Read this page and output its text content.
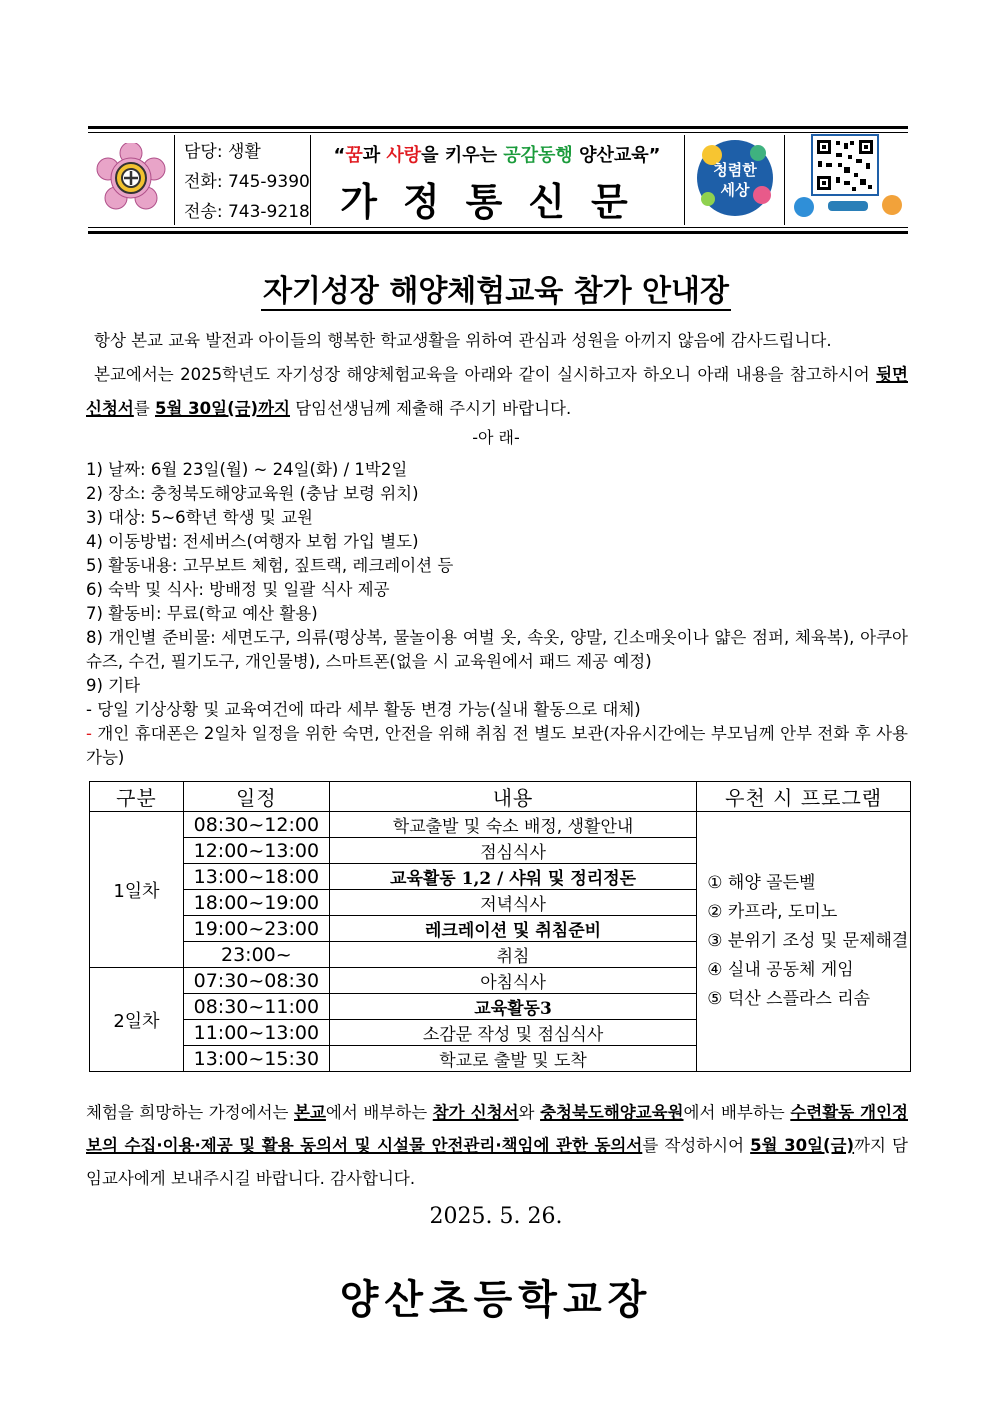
담당: 생활
전화: 745-9390
전송: 743-9218
“꿈과 사랑을 키우는 공감동행 양산교육”
가정통신문
청렴한
세상
자기성장 해양체험교육 참가 안내장
항상 본교 교육 발전과 아이들의 행복한 학교생활을 위하여 관심과 성원을 아끼지 않음에 감사드립니다.
본교에서는 2025학년도 자기성장 해양체험교육을 아래와 같이 실시하고자 하오니 아래 내용을 참고하시어 뒷면 신청서를 5월 30일(금)까지 담임선생님께 제출해 주시기 바랍니다.
-아 래-
1) 날짜: 6월 23일(월) ~ 24일(화) / 1박2일
2) 장소: 충청북도해양교육원 (충남 보령 위치)
3) 대상: 5~6학년 학생 및 교원
4) 이동방법: 전세버스(여행자 보험 가입 별도)
5) 활동내용: 고무보트 체험, 짚트랙, 레크레이션 등
6) 숙박 및 식사: 방배정 및 일괄 식사 제공
7) 활동비: 무료(학교 예산 활용)
8) 개인별 준비물: 세면도구, 의류(평상복, 물놀이용 여벌 옷, 속옷, 양말, 긴소매옷이나 얇은 점퍼, 체육복), 아쿠아슈즈, 수건, 필기도구, 개인물병), 스마트폰(없을 시 교육원에서 패드 제공 예정)
9) 기타
- 당일 기상상황 및 교육여건에 따라 세부 활동 변경 가능(실내 활동으로 대체)
- 개인 휴대폰은 2일차 일정을 위한 숙면, 안전을 위해 취침 전 별도 보관(자유시간에는 부모님께 안부 전화 후 사용가능)
구분	일정	내용	우천 시 프로그램
1일차	08:30~12:00	학교출발 및 숙소 배정, 생활안내	① 해양 골든벨
② 카프라, 도미노
③ 분위기 조성 및 문제해결
④ 실내 공동체 게임
⑤ 덕산 스플라스 리솜

	12:00~13:00	점심식사	
	13:00~18:00	교육활동 1,2 / 샤워 및 정리정돈	
	18:00~19:00	저녁식사	
	19:00~23:00	레크레이션 및 취침준비	
	23:00~	취침	
2일차	07:30~08:30	아침식사	
	08:30~11:00	교육활동3	
	11:00~13:00	소감문 작성 및 점심식사	
	13:00~15:30	학교로 출발 및 도착	
체험을 희망하는 가정에서는 본교에서 배부하는 참가 신청서와 충청북도해양교육원에서 배부하는 수련활동 개인정보의 수집·이용·제공 및 활용 동의서 및 시설물 안전관리·책임에 관한 동의서를 작성하시어 5월 30일(금)까지 담임교사에게 보내주시길 바랍니다. 감사합니다.
2025. 5. 26.
양산초등학교장
